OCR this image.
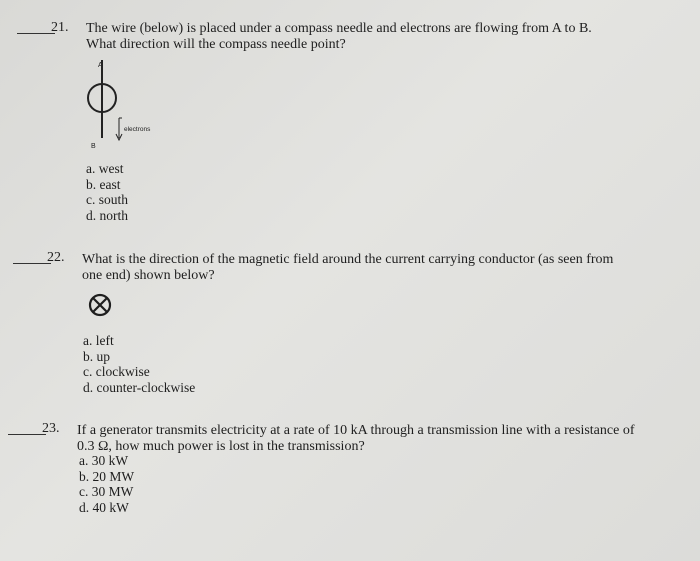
21. The wire (below) is placed under a compass needle and electrons are flowing from A to B.
What direction will the compass needle point?
A
B
electrons
a. west
b. east
c. south
d. north
22. What is the direction of the magnetic field around the current carrying conductor (as seen from
one end) shown below?
a. left
b. up
c. clockwise
d. counter-clockwise
23. If a generator transmits electricity at a rate of 10 kA through a transmission line with a resistance of
0.3 Ω, how much power is lost in the transmission?
a. 30 kW
b. 20 MW
c. 30 MW
d. 40 kW
